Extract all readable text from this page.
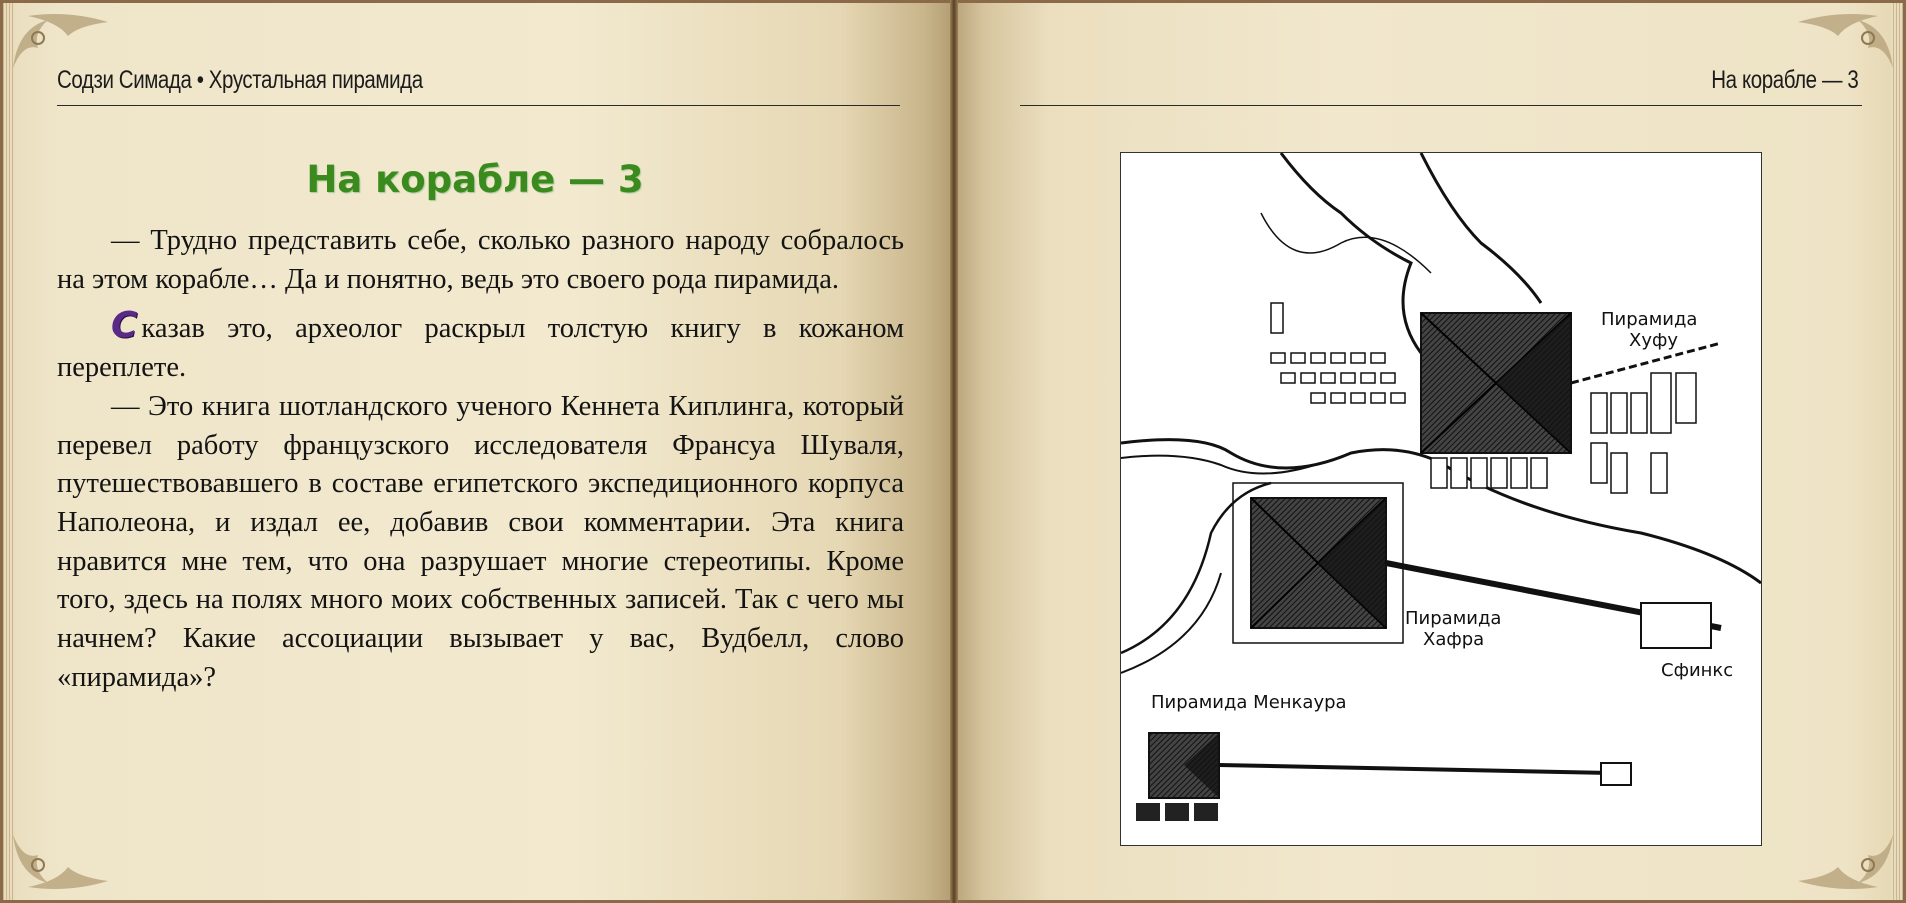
Содзи Симада • Хрустальная пирамида	На корабле — 3
На корабле — 3

— Трудно представить себе, сколько разного народу собралось на этом корабле… Да и понятно, ведь это своего рода пирамида.

С казав это, археолог раскрыл толстую книгу в кожаном переплете.

— Это книга шотландского ученого Кеннета Киплинга, который перевел работу французского исследователя Франсуа Шуваля, путешествовавшего в составе египетского экспедиционного корпуса Наполеона, и издал ее, добавив свои комментарии. Эта книга нравится мне тем, что она разрушает многие стереотипы. Кроме того, здесь на полях много моих собственных записей. Так с чего мы начнем? Какие ассоциации вызывает у вас, Вудбелл, слово «пирамида»?

Пирамида
Хуфу
Пирамида
Хафра
Сфинкс
Пирамида Менкаура
